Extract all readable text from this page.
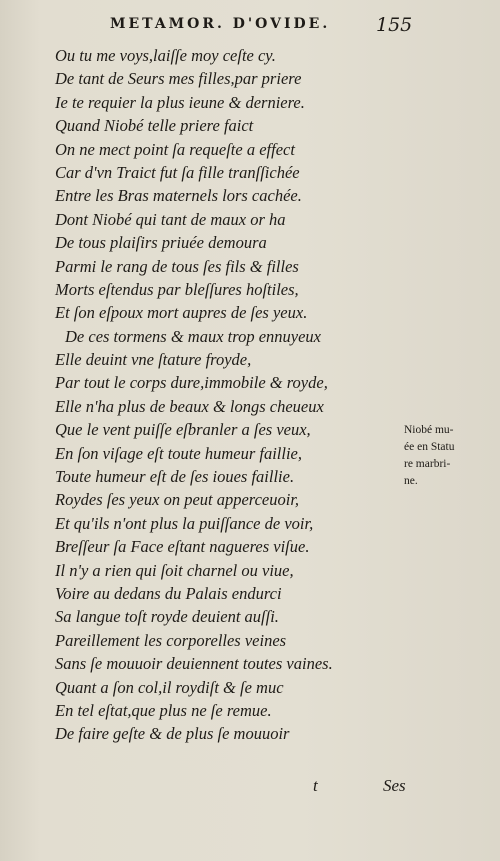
METAMOR. D'OVIDE.	155
Ou tu me voys,laiſſe moy ceſte cy.
De tant de Seurs mes filles,par priere
Ie te requier la plus ieune & derniere.
Quand Niobé telle priere faict
On ne mect point ſa requeſte a effect
Car d'vn Traict fut ſa fille tranſſichée
Entre les Bras maternels lors cachée.
Dont Niobé qui tant de maux or ha
De tous plaiſirs priuée demoura
Parmi le rang de tous ſes fils & filles
Morts eſtendus par bleſſures hoſtiles,
Et ſon eſpoux mort aupres de ſes yeux.
De ces tormens & maux trop ennuyeux
Elle deuint vne ſtature froyde,
Par tout le corps dure,immobile & royde,
Elle n'ha plus de beaux & longs cheueux
Que le vent puiſſe eſbranler a ſes veux,
En ſon viſage eſt toute humeur faillie,
Toute humeur eſt de ſes ioues faillie.
Roydes ſes yeux on peut apperceuoir,
Et qu'ils n'ont plus la puiſſance de voir,
Breſſeur ſa Face eſtant nagueres viſue.
Il n'y a rien qui ſoit charnel ou viue,
Voire au dedans du Palais endurci
Sa langue toſt royde deuient auſſi.
Pareillement les corporelles veines
Sans ſe mouuoir deuiennent toutes vaines.
Quant a ſon col,il roydiſt & ſe muc
En tel eſtat,que plus ne ſe remue.
De faire geſte & de plus ſe mouuoir
Niobé mu-
ée en Statu
re marbri-
ne.
t	Ses
